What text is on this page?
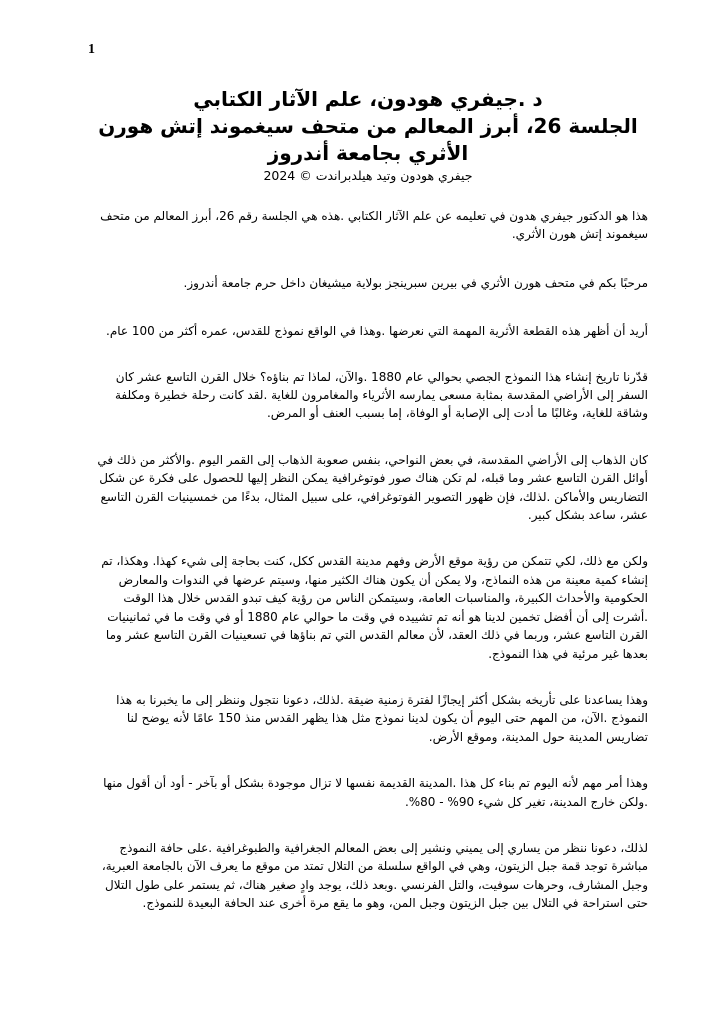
1
د .جيفري هودون، علم الآثار الكتابي
الجلسة 26، أبرز المعالم من متحف سيغموند إتش هورن
الأثري بجامعة أندروز
جيفري هودون وتيد هيلدبراندت © 2024

هذا هو الدكتور جيفري هدون في تعليمه عن علم الآثار الكتابي .هذه هي الجلسة رقم 26، أبرز المعالم من متحف سيغموند إتش هورن الأثري.

مرحبًا بكم في متحف هورن الأثري في بيرين سبرينجز بولاية ميشيغان داخل حرم جامعة أندروز.

أريد أن أظهر هذه القطعة الأثرية المهمة التي نعرضها .وهذا في الواقع نموذج للقدس، عمره أكثر من 100 عام.

قدّرنا تاريخ إنشاء هذا النموذج الجصي بحوالي عام 1880 .والآن، لماذا تم بناؤه؟ خلال القرن التاسع عشر كان السفر إلى الأراضي المقدسة بمثابة مسعى يمارسه الأثرياء والمغامرون للغاية .لقد كانت رحلة خطيرة ومكلفة وشاقة للغاية، وغالبًا ما أدت إلى الإصابة أو الوفاة، إما بسبب العنف أو المرض.

كان الذهاب إلى الأراضي المقدسة، في بعض النواحي، بنفس صعوبة الذهاب إلى القمر اليوم .والأكثر من ذلك في أوائل القرن التاسع عشر وما قبله، لم تكن هناك صور فوتوغرافية يمكن النظر إليها للحصول على فكرة عن شكل التضاريس والأماكن .لذلك، فإن ظهور التصوير الفوتوغرافي، على سبيل المثال، بدءًا من خمسينيات القرن التاسع عشر، ساعد بشكل كبير.

ولكن مع ذلك، لكي تتمكن من رؤية موقع الأرض وفهم مدينة القدس ككل، كنت بحاجة إلى شيء كهذا. وهكذا، تم إنشاء كمية معينة من هذه النماذج، ولا يمكن أن يكون هناك الكثير منها، وسيتم عرضها في الندوات والمعارض الحكومية والأحداث الكبيرة، والمناسبات العامة، وسيتمكن الناس من رؤية كيف تبدو القدس خلال هذا الوقت .أشرت إلى أن أفضل تخمين لدينا هو أنه تم تشييده في وقت ما حوالي عام 1880 أو في وقت ما في ثمانينيات القرن التاسع عشر، وربما في ذلك العقد، لأن معالم القدس التي تم بناؤها في تسعينيات القرن التاسع عشر وما بعدها غير مرئية في هذا النموذج.

وهذا يساعدنا على تأريخه بشكل أكثر إيجازًا لفترة زمنية ضيقة .لذلك، دعونا نتجول وننظر إلى ما يخبرنا به هذا النموذج .الآن، من المهم حتى اليوم أن يكون لدينا نموذج مثل هذا يظهر القدس منذ 150 عامًا لأنه يوضح لنا تضاريس المدينة حول المدينة، وموقع الأرض.

وهذا أمر مهم لأنه اليوم تم بناء كل هذا .المدينة القديمة نفسها لا تزال موجودة بشكل أو بآخر - أود أن أقول منها .ولكن خارج المدينة، تغير كل شيء 90% - 80%.

لذلك، دعونا ننظر من يساري إلى يميني ونشير إلى بعض المعالم الجغرافية والطبوغرافية .على حافة النموذج مباشرة توجد قمة جبل الزيتون، وهي في الواقع سلسلة من التلال تمتد من موقع ما يعرف الآن بالجامعة العبرية، وجبل المشارف، وحرهات سوفيت، والتل الفرنسي .وبعد ذلك، يوجد وادٍ صغير هناك، ثم يستمر على طول التلال حتى استراحة في التلال بين جبل الزيتون وجبل المن، وهو ما يقع مرة أخرى عند الحافة البعيدة للنموذج.
